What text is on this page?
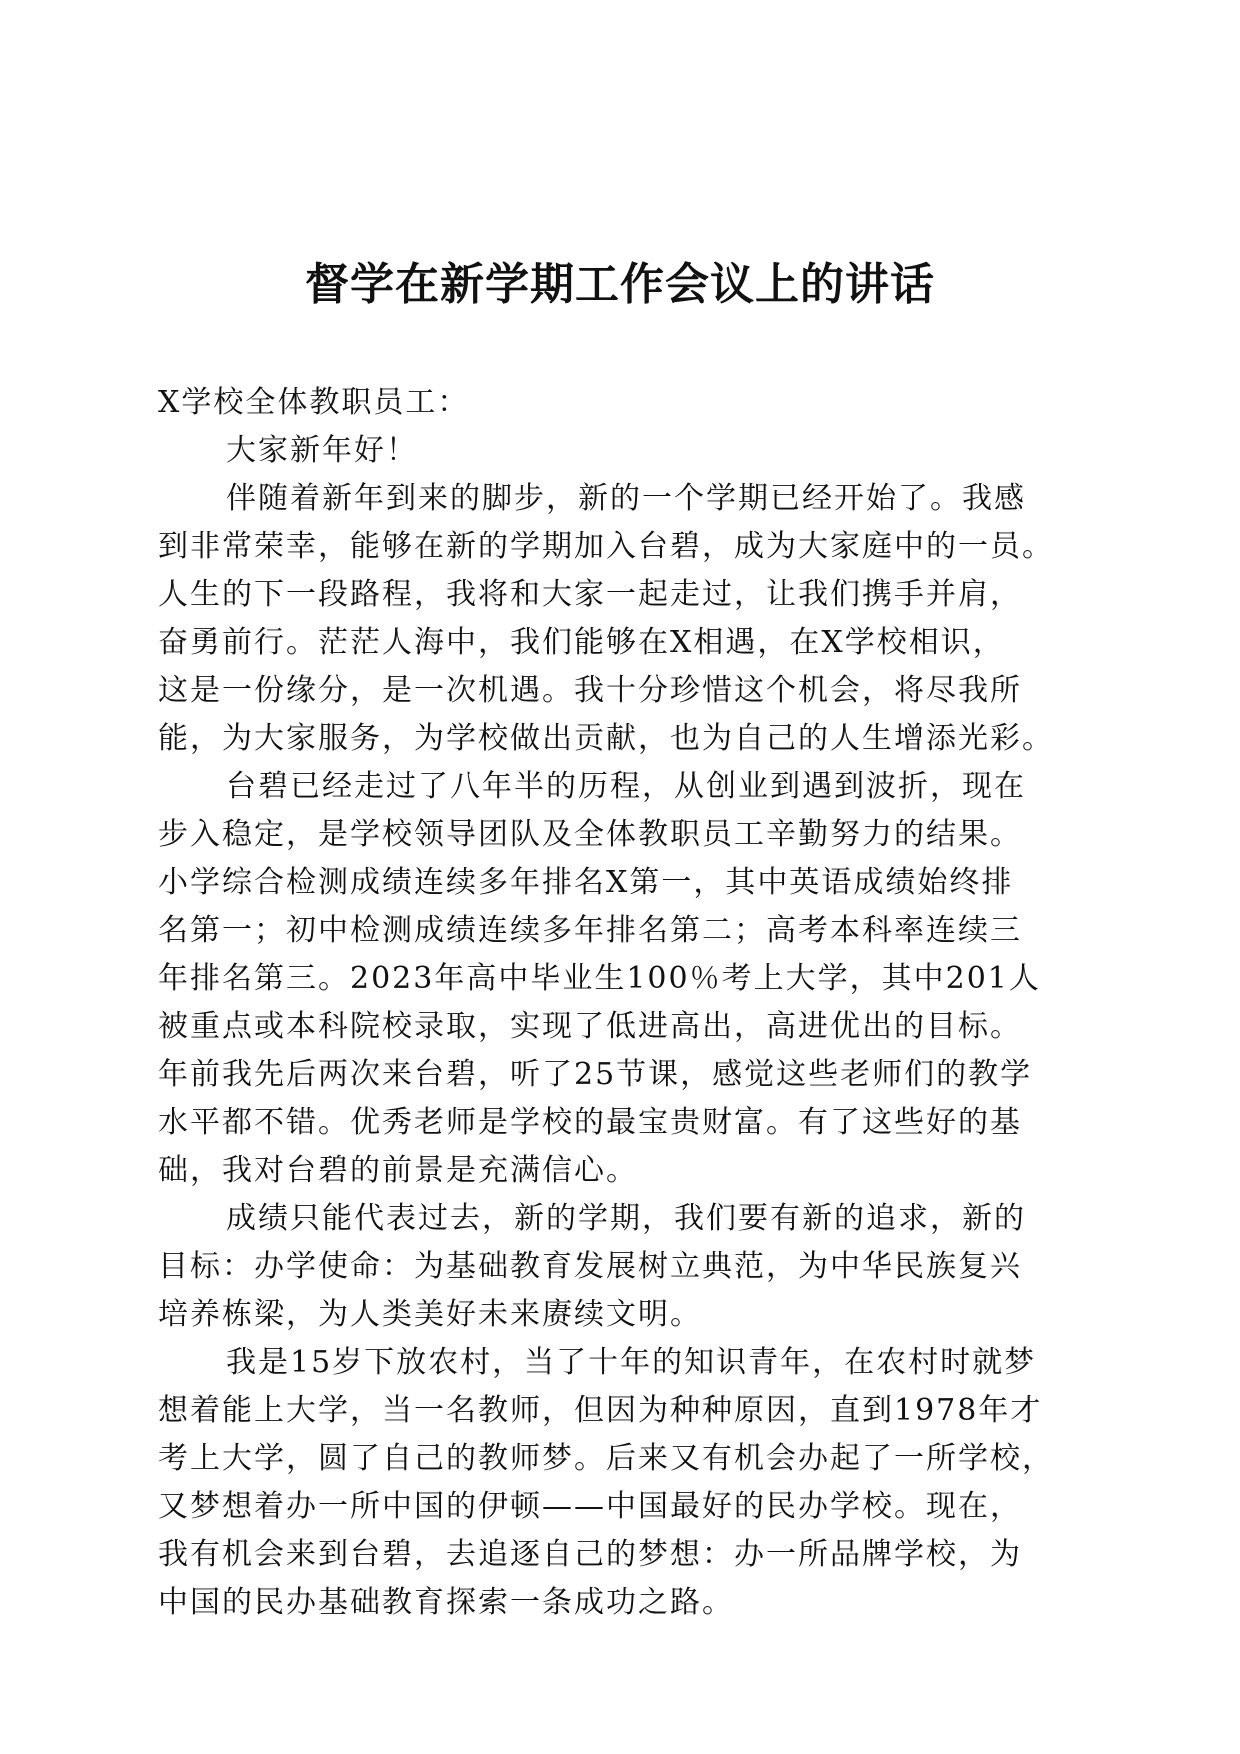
督学在新学期工作会议上的讲话

X学校全体教职员工：

大家新年好！

伴随着新年到来的脚步，新的一个学期已经开始了。我感

到非常荣幸，能够在新的学期加入台碧，成为大家庭中的一员。

人生的下一段路程，我将和大家一起走过，让我们携手并肩，

奋勇前行。茫茫人海中，我们能够在X相遇，在X学校相识，

这是一份缘分，是一次机遇。我十分珍惜这个机会，将尽我所

能，为大家服务，为学校做出贡献，也为自己的人生增添光彩。

台碧已经走过了八年半的历程，从创业到遇到波折，现在

步入稳定，是学校领导团队及全体教职员工辛勤努力的结果。

小学综合检测成绩连续多年排名X第一，其中英语成绩始终排

名第一；初中检测成绩连续多年排名第二；高考本科率连续三

年排名第三。2023年高中毕业生100％考上大学，其中201人

被重点或本科院校录取，实现了低进高出，高进优出的目标。

年前我先后两次来台碧，听了25节课，感觉这些老师们的教学

水平都不错。优秀老师是学校的最宝贵财富。有了这些好的基

础，我对台碧的前景是充满信心。

成绩只能代表过去，新的学期，我们要有新的追求，新的

目标：办学使命：为基础教育发展树立典范，为中华民族复兴

培养栋梁，为人类美好未来赓续文明。

我是15岁下放农村，当了十年的知识青年，在农村时就梦

想着能上大学，当一名教师，但因为种种原因，直到1978年才

考上大学，圆了自己的教师梦。后来又有机会办起了一所学校，

又梦想着办一所中国的伊顿——中国最好的民办学校。现在，

我有机会来到台碧，去追逐自己的梦想：办一所品牌学校，为

中国的民办基础教育探索一条成功之路。
